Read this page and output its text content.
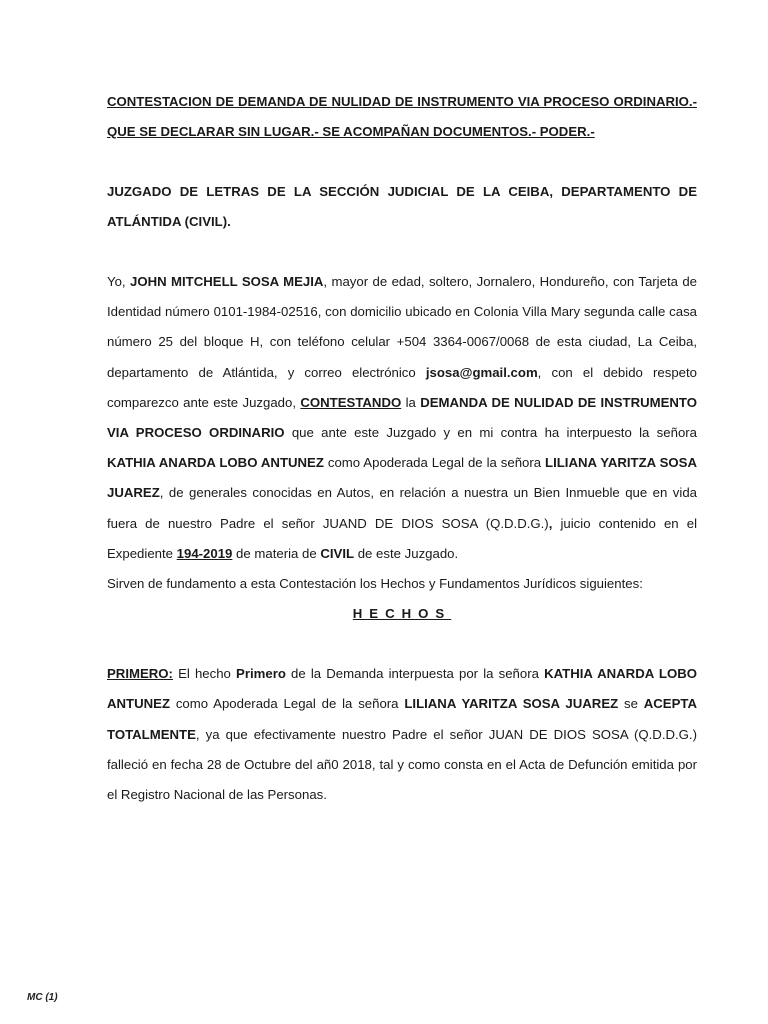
CONTESTACION DE DEMANDA DE NULIDAD DE INSTRUMENTO VIA PROCESO ORDINARIO.-QUE SE DECLARAR SIN LUGAR.- SE ACOMPAÑAN DOCUMENTOS.- PODER.-

JUZGADO DE LETRAS DE LA SECCIÓN JUDICIAL DE LA CEIBA, DEPARTAMENTO DE ATLÁNTIDA (CIVIL).

Yo, JOHN MITCHELL SOSA MEJIA, mayor de edad, soltero, Jornalero, Hondureño, con Tarjeta de Identidad número 0101-1984-02516, con domicilio ubicado en Colonia Villa Mary segunda calle casa número 25 del bloque H, con teléfono celular +504 3364-0067/0068 de esta ciudad, La Ceiba, departamento de Atlántida, y correo electrónico jsosa@gmail.com, con el debido respeto comparezco ante este Juzgado, CONTESTANDO la DEMANDA DE NULIDAD DE INSTRUMENTO VIA PROCESO ORDINARIO que ante este Juzgado y en mi contra ha interpuesto la señora KATHIA ANARDA LOBO ANTUNEZ como Apoderada Legal de la señora LILIANA YARITZA SOSA JUAREZ, de generales conocidas en Autos, en relación a nuestra un Bien Inmueble que en vida fuera de nuestro Padre el señor JUAND DE DIOS SOSA (Q.D.D.G.), juicio contenido en el Expediente 194-2019 de materia de CIVIL de este Juzgado.

Sirven de fundamento a esta Contestación los Hechos y Fundamentos Jurídicos siguientes:

HECHOS

PRIMERO: El hecho Primero de la Demanda interpuesta por la señora KATHIA ANARDA LOBO ANTUNEZ como Apoderada Legal de la señora LILIANA YARITZA SOSA JUAREZ se ACEPTA TOTALMENTE, ya que efectivamente nuestro Padre el señor JUAN DE DIOS SOSA (Q.D.D.G.) falleció en fecha 28 de Octubre del añ0 2018, tal y como consta en el Acta de Defunción emitida por el Registro Nacional de las Personas.

MC (1)
